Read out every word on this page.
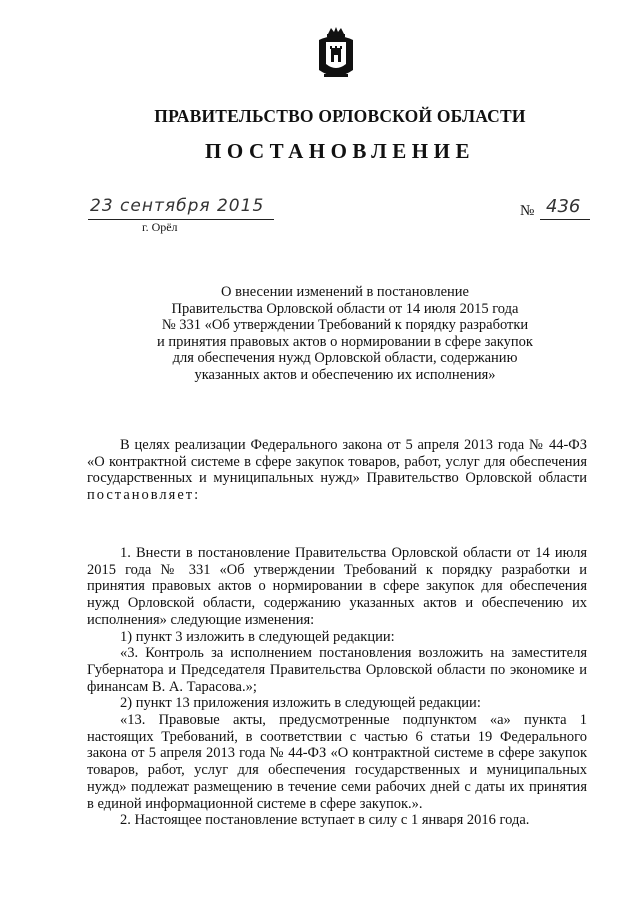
ПРАВИТЕЛЬСТВО ОРЛОВСКОЙ ОБЛАСТИ
ПОСТАНОВЛЕНИЕ
23 сентября 2015
г. Орёл
№ 436
О внесении изменений в постановление
Правительства Орловской области от 14 июля 2015 года
№ 331 «Об утверждении Требований к порядку разработки
и принятия правовых актов о нормировании в сфере закупок
для обеспечения нужд Орловской области, содержанию
указанных актов и обеспечению их исполнения»
В целях реализации Федерального закона от 5 апреля 2013 года № 44-ФЗ «О контрактной системе в сфере закупок товаров, работ, услуг для обеспечения государственных и муниципальных нужд» Правительство Орловской области постановляет:

1. Внести в постановление Правительства Орловской области от 14 июля 2015 года № 331 «Об утверждении Требований к порядку разработки и принятия правовых актов о нормировании в сфере закупок для обеспечения нужд Орловской области, содержанию указанных актов и обеспечению их исполнения» следующие изменения:

1) пункт 3 изложить в следующей редакции:

«3. Контроль за исполнением постановления возложить на заместителя Губернатора и Председателя Правительства Орловской области по экономике и финансам В. А. Тарасова.»;

2) пункт 13 приложения изложить в следующей редакции:

«13. Правовые акты, предусмотренные подпунктом «а» пункта 1 настоящих Требований, в соответствии с частью 6 статьи 19 Федерального закона от 5 апреля 2013 года № 44-ФЗ «О контрактной системе в сфере закупок товаров, работ, услуг для обеспечения государственных и муниципальных нужд» подлежат размещению в течение семи рабочих дней с даты их принятия в единой информационной системе в сфере закупок.».

2. Настоящее постановление вступает в силу с 1 января 2016 года.
